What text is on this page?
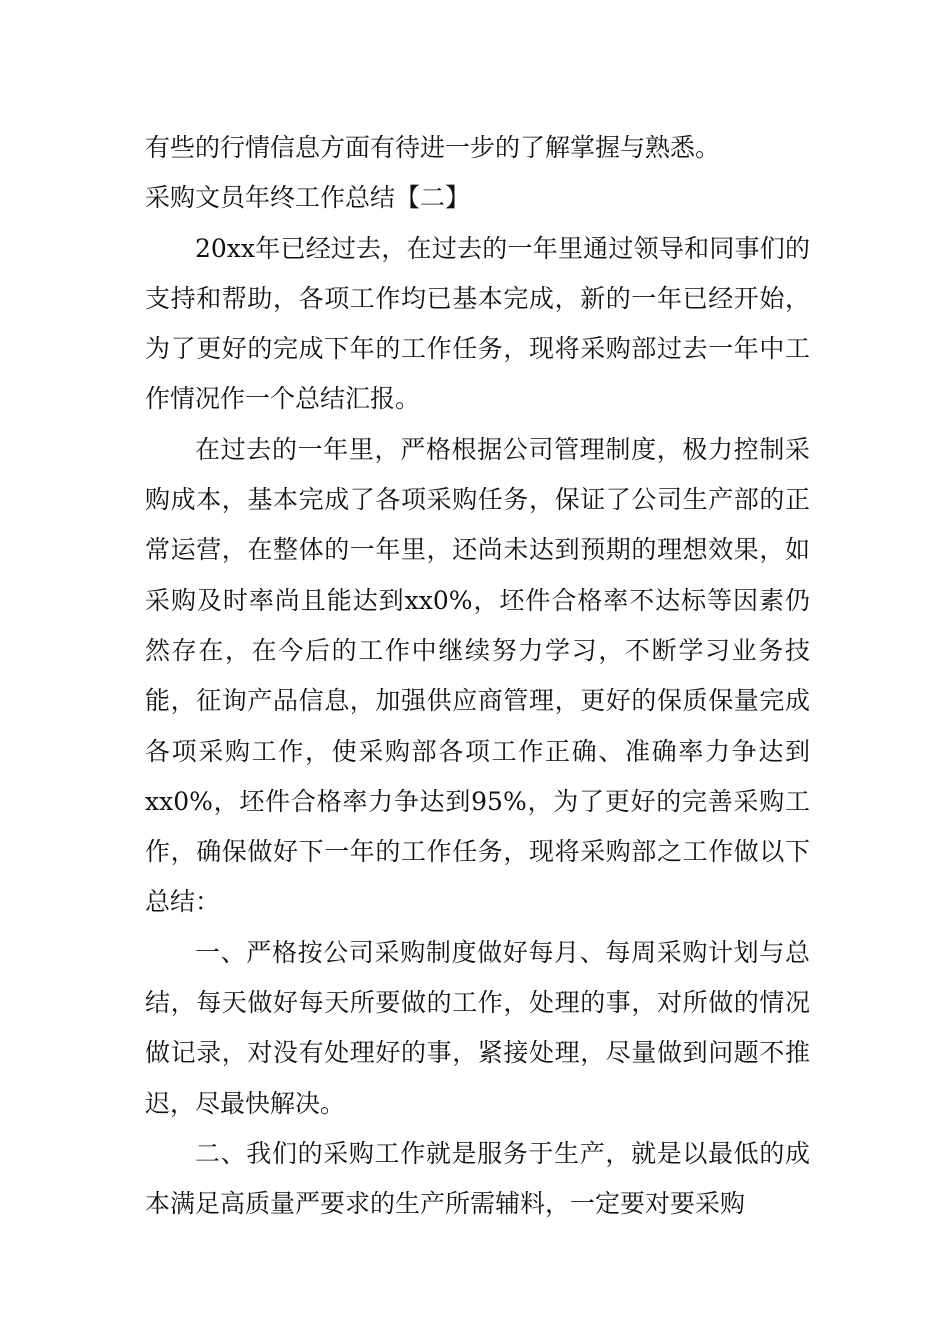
有些的行情信息方面有待进一步的了解掌握与熟悉。

采购文员年终工作总结【二】

20xx年已经过去，在过去的一年里通过领导和同事们的支持和帮助，各项工作均已基本完成，新的一年已经开始，为了更好的完成下年的工作任务，现将采购部过去一年中工作情况作一个总结汇报。

在过去的一年里，严格根据公司管理制度，极力控制采购成本，基本完成了各项采购任务，保证了公司生产部的正常运营，在整体的一年里，还尚未达到预期的理想效果，如采购及时率尚且能达到xx0%，坯件合格率不达标等因素仍然存在，在今后的工作中继续努力学习，不断学习业务技能，征询产品信息，加强供应商管理，更好的保质保量完成各项采购工作，使采购部各项工作正确、准确率力争达到xx0%，坯件合格率力争达到95%，为了更好的完善采购工作，确保做好下一年的工作任务，现将采购部之工作做以下总结：

一、严格按公司采购制度做好每月、每周采购计划与总结，每天做好每天所要做的工作，处理的事，对所做的情况做记录，对没有处理好的事，紧接处理，尽量做到问题不推迟，尽最快解决。

二、我们的采购工作就是服务于生产，就是以最低的成本满足高质量严要求的生产所需辅料，一定要对要采购
